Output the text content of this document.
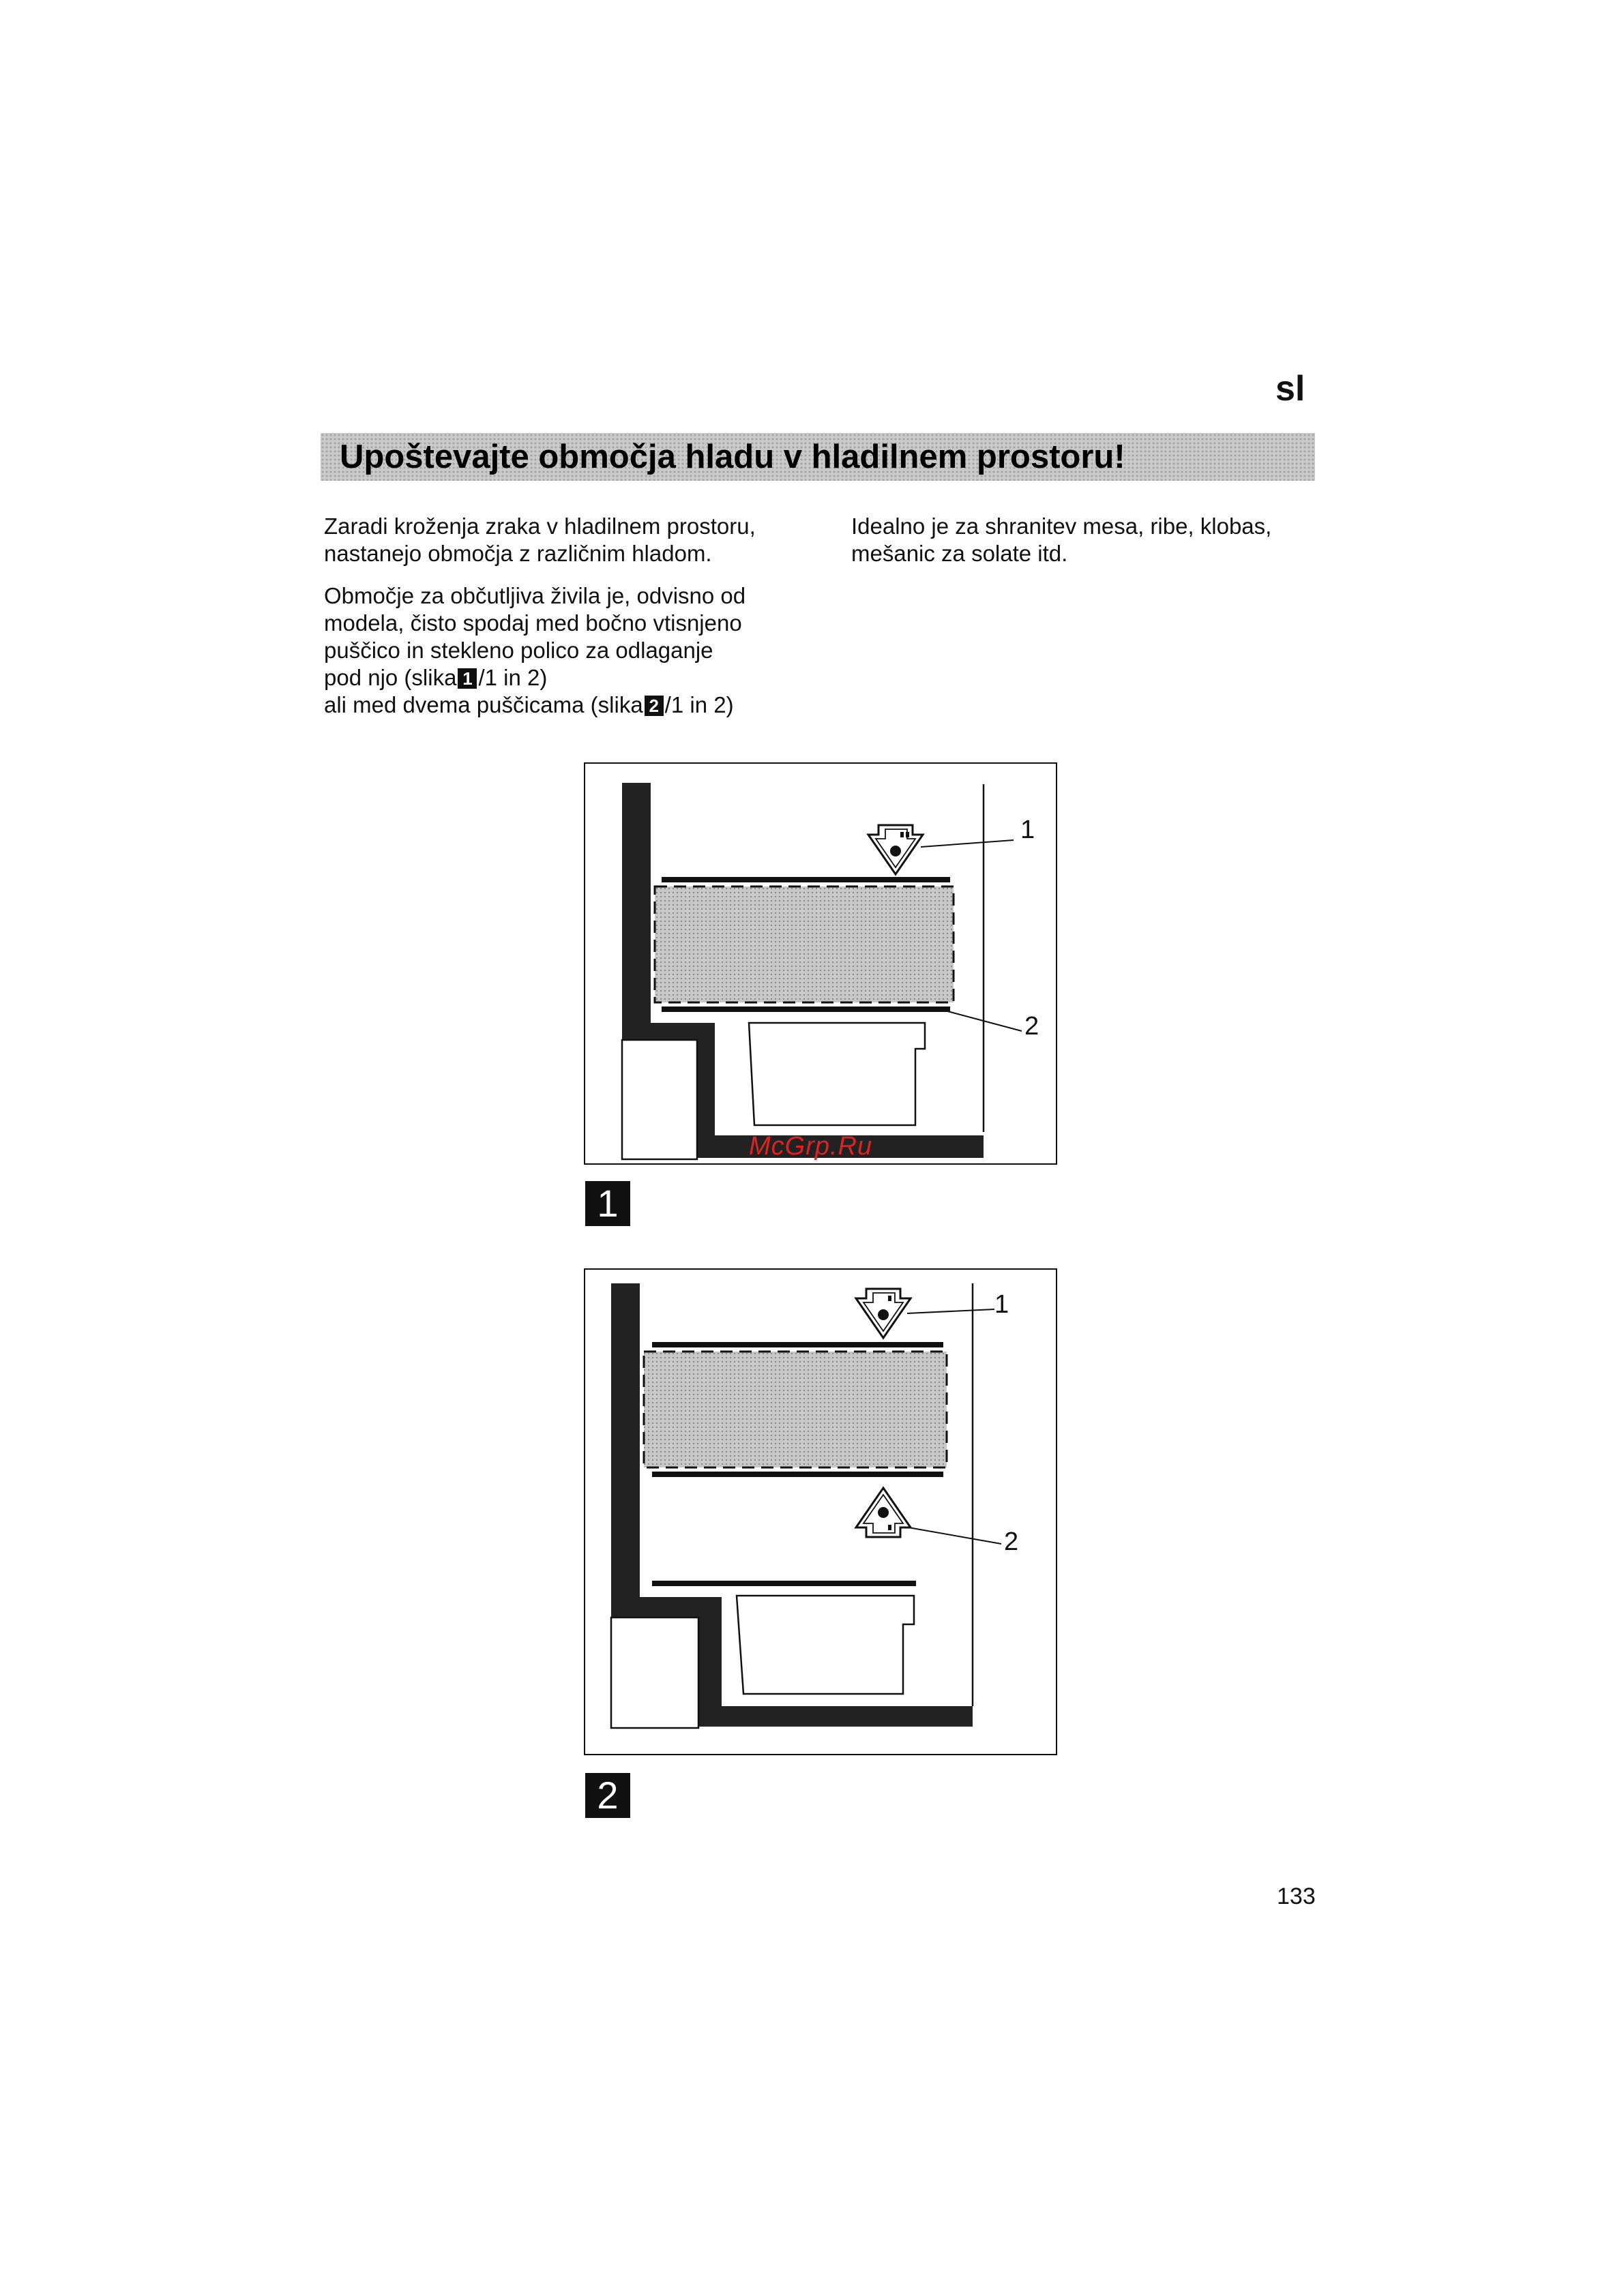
sl
Upoštevajte območja hladu v hladilnem prostoru!

Zaradi kroženja zraka v hladilnem prostoru, nastanejo območja z različnim hladom.

Območje za občutljiva živila je, odvisno od
modela, čisto spodaj med bočno vtisnjeno
puščico in stekleno polico za odlaganje
pod njo (slika 1 /1 in 2)
ali med dvema puščicama (slika 2 /1 in 2)

Idealno je za shranitev mesa, ribe, klobas, mešanic za solate itd.

1
2
1
McGrp.Ru
1
2
2
133
